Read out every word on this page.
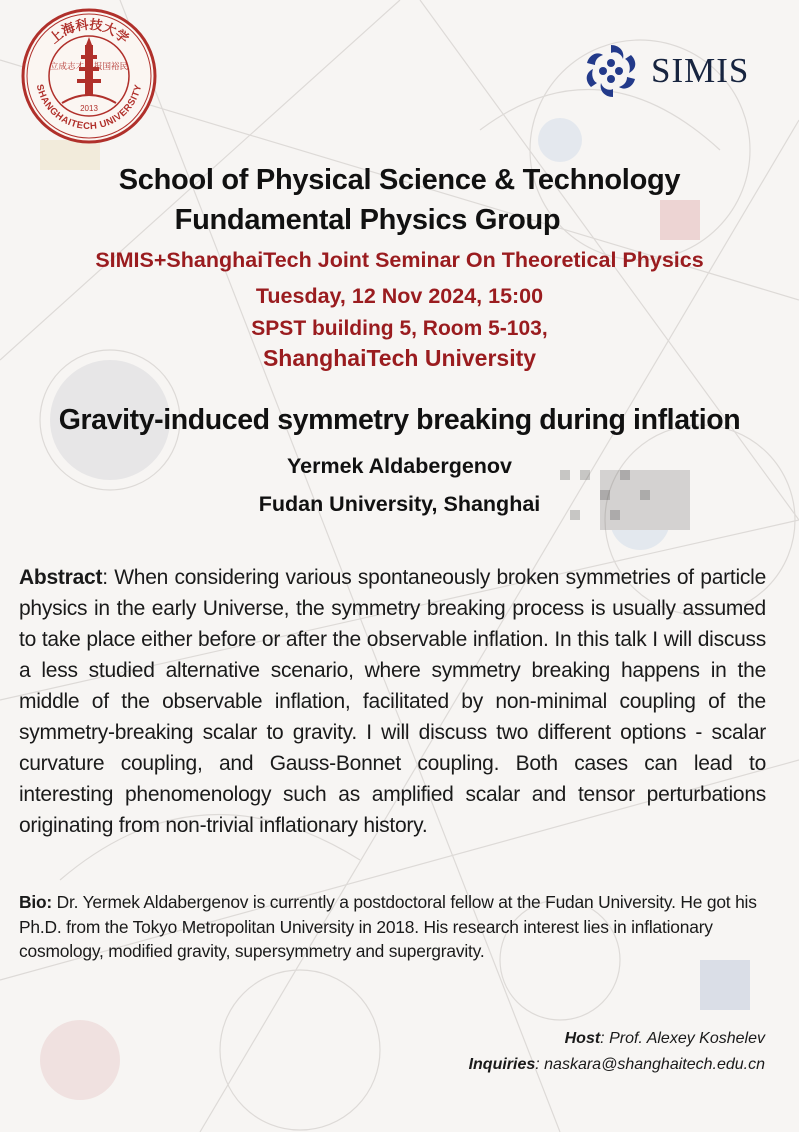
上海科技大学
SHANGHAITECH UNIVERSITY
立成志才 报国裕民
2013
SIMIS
School of Physical Science & Technology
Fundamental Physics Group
SIMIS+ShanghaiTech Joint Seminar On Theoretical Physics
Tuesday, 12 Nov 2024, 15:00
SPST building 5, Room 5-103,
ShanghaiTech University
Gravity-induced symmetry breaking during inflation
Yermek Aldabergenov
Fudan University, Shanghai
Abstract: When considering various spontaneously broken symmetries of particle physics in the early Universe, the symmetry breaking process is usually assumed to take place either before or after the observable inflation. In this talk I will discuss a less studied alternative scenario, where symmetry breaking happens in the middle of the observable inflation, facilitated by non-minimal coupling of the symmetry-breaking scalar to gravity. I will discuss two different options - scalar curvature coupling, and Gauss-Bonnet coupling. Both cases can lead to interesting phenomenology such as amplified scalar and tensor perturbations originating from non-trivial inflationary history.
Bio: Dr. Yermek Aldabergenov is currently a postdoctoral fellow at the Fudan University. He got his Ph.D. from the Tokyo Metropolitan University in 2018. His research interest lies in inflationary cosmology, modified gravity, supersymmetry and supergravity.
Host: Prof. Alexey Koshelev
Inquiries: naskara@shanghaitech.edu.cn
